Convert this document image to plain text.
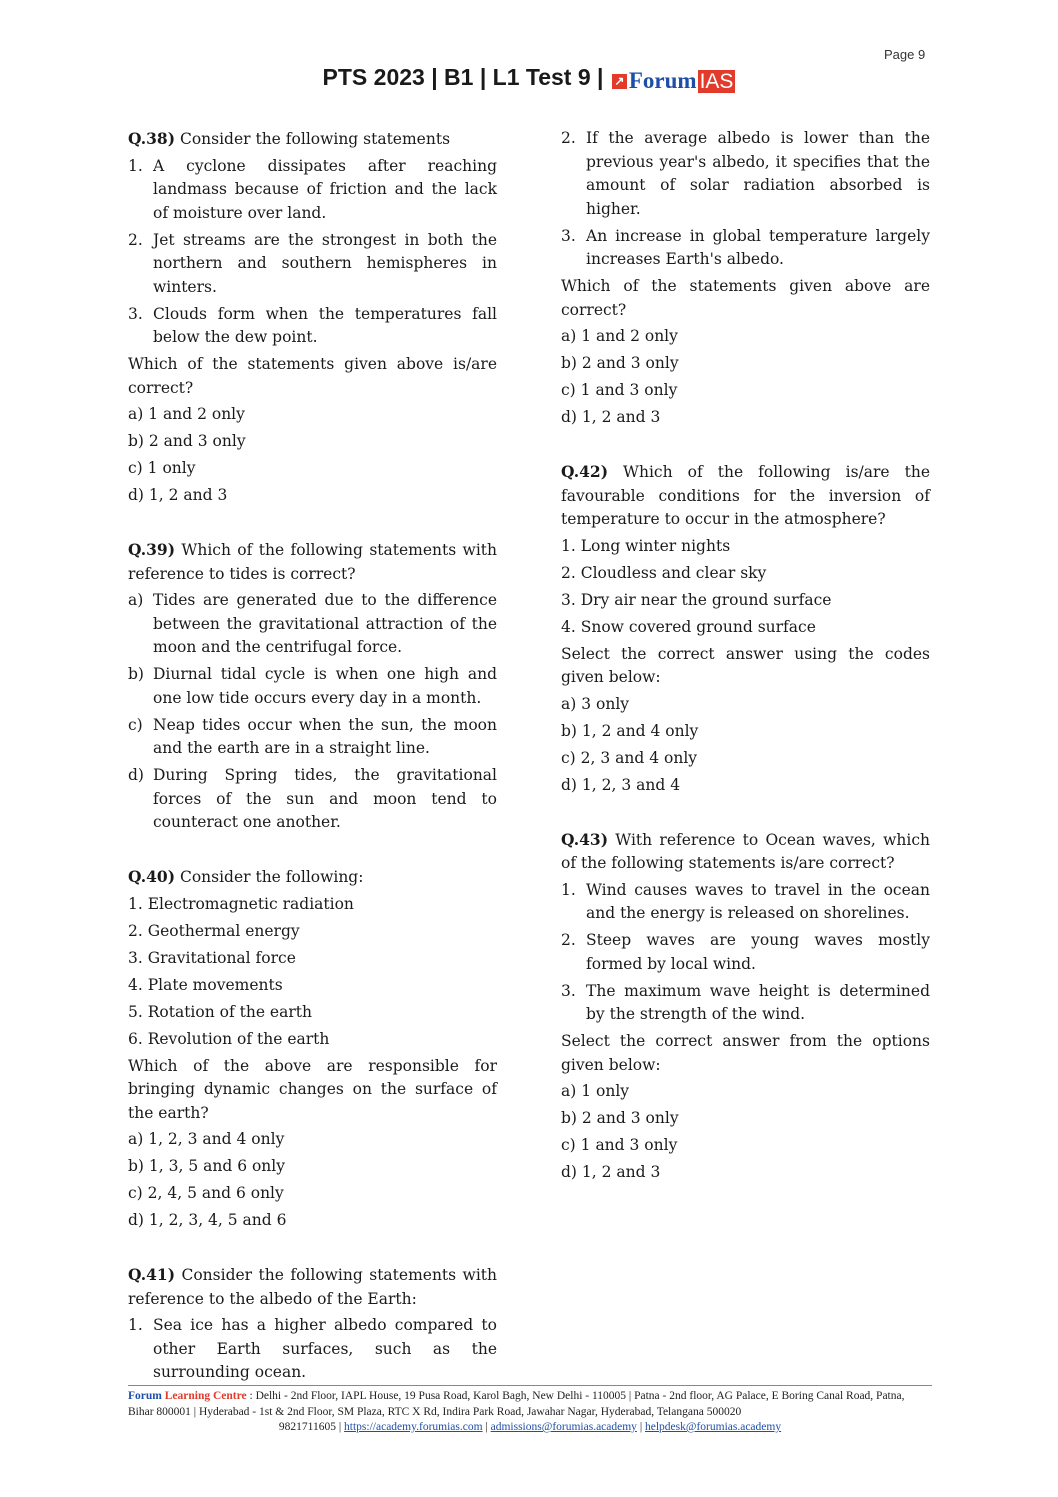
Page 9
PTS 2023 | B1 | L1 Test 9 | ↗ Forum IAS
Q.38) Consider the following statements
1. A cyclone dissipates after reaching landmass because of friction and the lack of moisture over land.
2. Jet streams are the strongest in both the northern and southern hemispheres in winters.
3. Clouds form when the temperatures fall below the dew point.
Which of the statements given above is/are correct?
a) 1 and 2 only
b) 2 and 3 only
c) 1 only
d) 1, 2 and 3
Q.39) Which of the following statements with reference to tides is correct?
a) Tides are generated due to the difference between the gravitational attraction of the moon and the centrifugal force.
b) Diurnal tidal cycle is when one high and one low tide occurs every day in a month.
c) Neap tides occur when the sun, the moon and the earth are in a straight line.
d) During Spring tides, the gravitational forces of the sun and moon tend to counteract one another.
Q.40) Consider the following:
1. Electromagnetic radiation
2. Geothermal energy
3. Gravitational force
4. Plate movements
5. Rotation of the earth
6. Revolution of the earth
Which of the above are responsible for bringing dynamic changes on the surface of the earth?
a) 1, 2, 3 and 4 only
b) 1, 3, 5 and 6 only
c) 2, 4, 5 and 6 only
d) 1, 2, 3, 4, 5 and 6
Q.41) Consider the following statements with reference to the albedo of the Earth:
1. Sea ice has a higher albedo compared to other Earth surfaces, such as the surrounding ocean.
2. If the average albedo is lower than the previous year's albedo, it specifies that the amount of solar radiation absorbed is higher.
3. An increase in global temperature largely increases Earth's albedo.
Which of the statements given above are correct?
a) 1 and 2 only
b) 2 and 3 only
c) 1 and 3 only
d) 1, 2 and 3
Q.42) Which of the following is/are the favourable conditions for the inversion of temperature to occur in the atmosphere?
1. Long winter nights
2. Cloudless and clear sky
3. Dry air near the ground surface
4. Snow covered ground surface
Select the correct answer using the codes given below:
a) 3 only
b) 1, 2 and 4 only
c) 2, 3 and 4 only
d) 1, 2, 3 and 4
Q.43) With reference to Ocean waves, which of the following statements is/are correct?
1. Wind causes waves to travel in the ocean and the energy is released on shorelines.
2. Steep waves are young waves mostly formed by local wind.
3. The maximum wave height is determined by the strength of the wind.
Select the correct answer from the options given below:
a) 1 only
b) 2 and 3 only
c) 1 and 3 only
d) 1, 2 and 3
Forum Learning Centre : Delhi - 2nd Floor, IAPL House, 19 Pusa Road, Karol Bagh, New Delhi - 110005 | Patna - 2nd floor, AG Palace, E Boring Canal Road, Patna, Bihar 800001 | Hyderabad - 1st & 2nd Floor, SM Plaza, RTC X Rd, Indira Park Road, Jawahar Nagar, Hyderabad, Telangana 500020
9821711605 | https://academy.forumias.com | admissions@forumias.academy | helpdesk@forumias.academy
